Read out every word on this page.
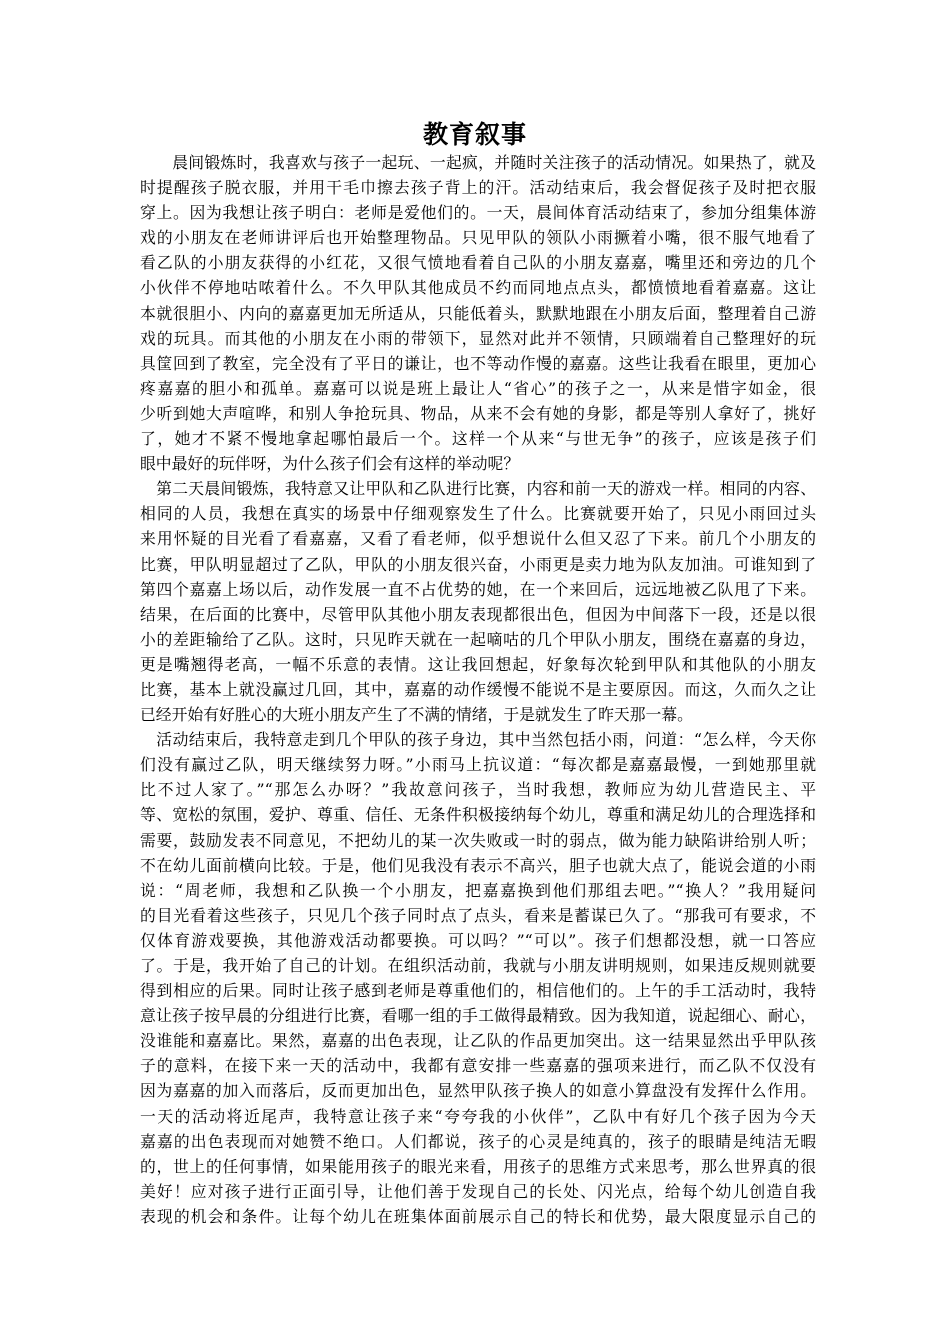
教育叙事
　　晨间锻炼时，我喜欢与孩子一起玩、一起疯，并随时关注孩子的活动情况。如果热了，就及
时提醒孩子脱衣服，并用干毛巾擦去孩子背上的汗。活动结束后，我会督促孩子及时把衣服
穿上。因为我想让孩子明白：老师是爱他们的。一天，晨间体育活动结束了，参加分组集体游
戏的小朋友在老师讲评后也开始整理物品。只见甲队的领队小雨撅着小嘴，很不服气地看了
看乙队的小朋友获得的小红花，又很气愤地看着自己队的小朋友嘉嘉，嘴里还和旁边的几个
小伙伴不停地咕哝着什么。不久甲队其他成员不约而同地点点头，都愤愤地看着嘉嘉。这让
本就很胆小、内向的嘉嘉更加无所适从，只能低着头，默默地跟在小朋友后面，整理着自己游
戏的玩具。而其他的小朋友在小雨的带领下，显然对此并不领情，只顾端着自己整理好的玩
具筐回到了教室，完全没有了平日的谦让，也不等动作慢的嘉嘉。这些让我看在眼里，更加心
疼嘉嘉的胆小和孤单。嘉嘉可以说是班上最让人“省心”的孩子之一，从来是惜字如金，很
少听到她大声喧哗，和别人争抢玩具、物品，从来不会有她的身影，都是等别人拿好了，挑好
了，她才不紧不慢地拿起哪怕最后一个。这样一个从来“与世无争”的孩子，应该是孩子们
眼中最好的玩伴呀，为什么孩子们会有这样的举动呢？
　第二天晨间锻炼，我特意又让甲队和乙队进行比赛，内容和前一天的游戏一样。相同的内容、
相同的人员，我想在真实的场景中仔细观察发生了什么。比赛就要开始了，只见小雨回过头
来用怀疑的目光看了看嘉嘉，又看了看老师，似乎想说什么但又忍了下来。前几个小朋友的
比赛，甲队明显超过了乙队，甲队的小朋友很兴奋，小雨更是卖力地为队友加油。可谁知到了
第四个嘉嘉上场以后，动作发展一直不占优势的她，在一个来回后，远远地被乙队甩了下来。
结果，在后面的比赛中，尽管甲队其他小朋友表现都很出色，但因为中间落下一段，还是以很
小的差距输给了乙队。这时，只见昨天就在一起嘀咕的几个甲队小朋友，围绕在嘉嘉的身边，
更是嘴翘得老高，一幅不乐意的表情。这让我回想起，好象每次轮到甲队和其他队的小朋友
比赛，基本上就没赢过几回，其中，嘉嘉的动作缓慢不能说不是主要原因。而这，久而久之让
已经开始有好胜心的大班小朋友产生了不满的情绪，于是就发生了昨天那一幕。
　活动结束后，我特意走到几个甲队的孩子身边，其中当然包括小雨，问道：“怎么样，今天你
们没有赢过乙队，明天继续努力呀。”小雨马上抗议道：“每次都是嘉嘉最慢，一到她那里就
比不过人家了。”“那怎么办呀？”我故意问孩子，当时我想，教师应为幼儿营造民主、平
等、宽松的氛围，爱护、尊重、信任、无条件积极接纳每个幼儿，尊重和满足幼儿的合理选择和
需要，鼓励发表不同意见，不把幼儿的某一次失败或一时的弱点，做为能力缺陷讲给别人听；
不在幼儿面前横向比较。于是，他们见我没有表示不高兴，胆子也就大点了，能说会道的小雨
说：“周老师，我想和乙队换一个小朋友，把嘉嘉换到他们那组去吧。”“换人？”我用疑问
的目光看着这些孩子，只见几个孩子同时点了点头，看来是蓄谋已久了。“那我可有要求，不
仅体育游戏要换，其他游戏活动都要换。可以吗？”“可以”。孩子们想都没想，就一口答应
了。于是，我开始了自己的计划。在组织活动前，我就与小朋友讲明规则，如果违反规则就要
得到相应的后果。同时让孩子感到老师是尊重他们的，相信他们的。上午的手工活动时，我特
意让孩子按早晨的分组进行比赛，看哪一组的手工做得最精致。因为我知道，说起细心、耐心，
没谁能和嘉嘉比。果然，嘉嘉的出色表现，让乙队的作品更加突出。这一结果显然出乎甲队孩
子的意料，在接下来一天的活动中，我都有意安排一些嘉嘉的强项来进行，而乙队不仅没有
因为嘉嘉的加入而落后，反而更加出色，显然甲队孩子换人的如意小算盘没有发挥什么作用。
一天的活动将近尾声，我特意让孩子来“夸夸我的小伙伴”，乙队中有好几个孩子因为今天
嘉嘉的出色表现而对她赞不绝口。人们都说，孩子的心灵是纯真的，孩子的眼睛是纯洁无暇
的，世上的任何事情，如果能用孩子的眼光来看，用孩子的思维方式来思考，那么世界真的很
美好！应对孩子进行正面引导，让他们善于发现自己的长处、闪光点，给每个幼儿创造自我
表现的机会和条件。让每个幼儿在班集体面前展示自己的特长和优势，最大限度显示自己的
